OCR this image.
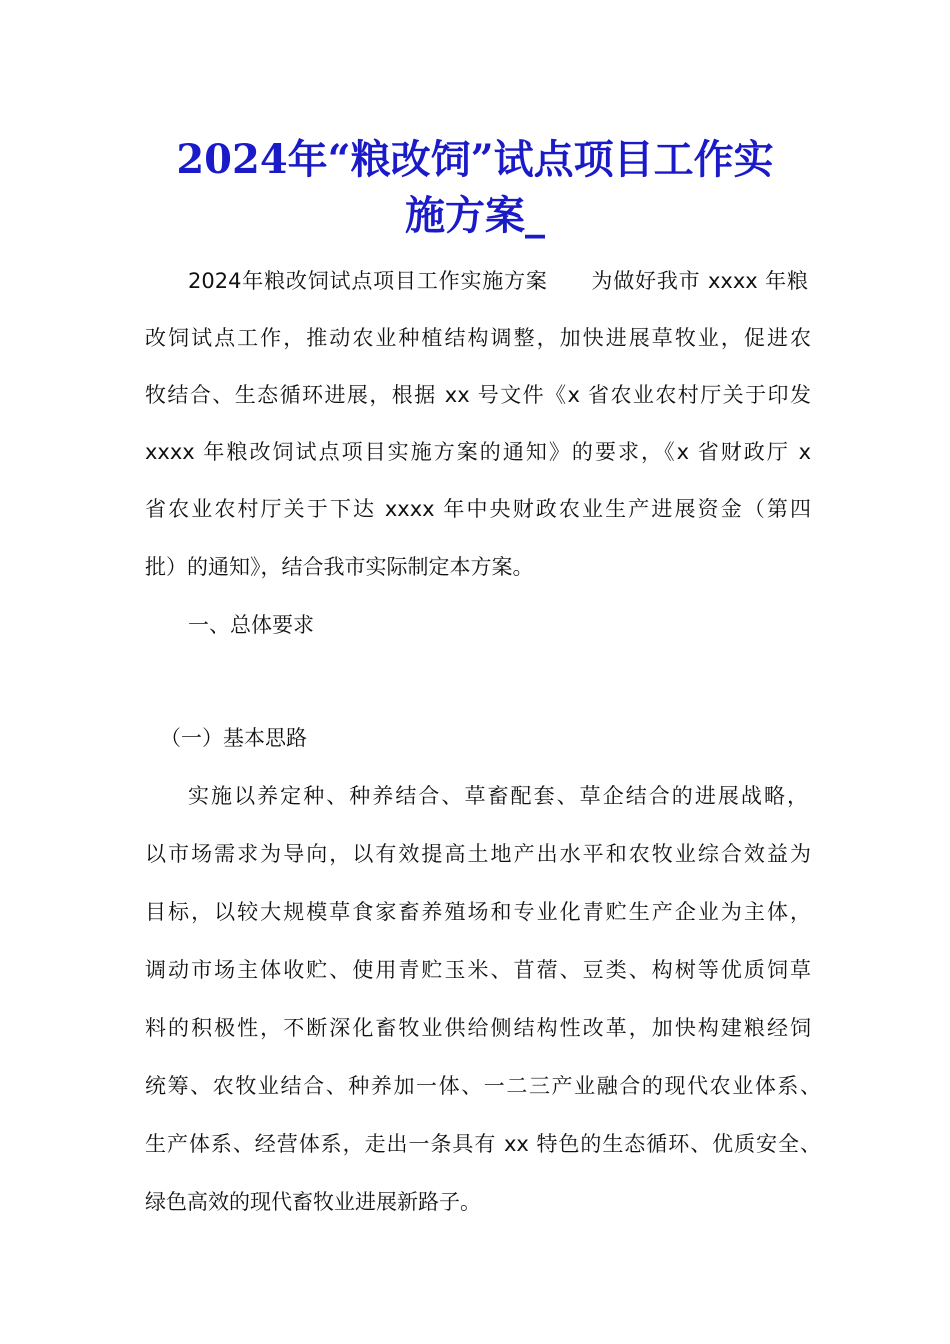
2024年“粮改饲”试点项目工作实
施方案_

2024年粮改饲试点项目工作实施方案　　为做好我市 xxxx 年粮

改饲试点工作，推动农业种植结构调整，加快进展草牧业，促进农

牧结合、生态循环进展，根据 xx 号文件《x 省农业农村厅关于印发

xxxx 年粮改饲试点项目实施方案的通知》的要求，《x 省财政厅 x

省农业农村厅关于下达 xxxx 年中央财政农业生产进展资金（第四

批）的通知》，结合我市实际制定本方案。

一、总体要求

（一）基本思路

实施以养定种、种养结合、草畜配套、草企结合的进展战略，

以市场需求为导向，以有效提高土地产出水平和农牧业综合效益为

目标，以较大规模草食家畜养殖场和专业化青贮生产企业为主体，

调动市场主体收贮、使用青贮玉米、苜蓿、豆类、构树等优质饲草

料的积极性，不断深化畜牧业供给侧结构性改革，加快构建粮经饲

统筹、农牧业结合、种养加一体、一二三产业融合的现代农业体系、

生产体系、经营体系，走出一条具有 xx 特色的生态循环、优质安全、

绿色高效的现代畜牧业进展新路子。
